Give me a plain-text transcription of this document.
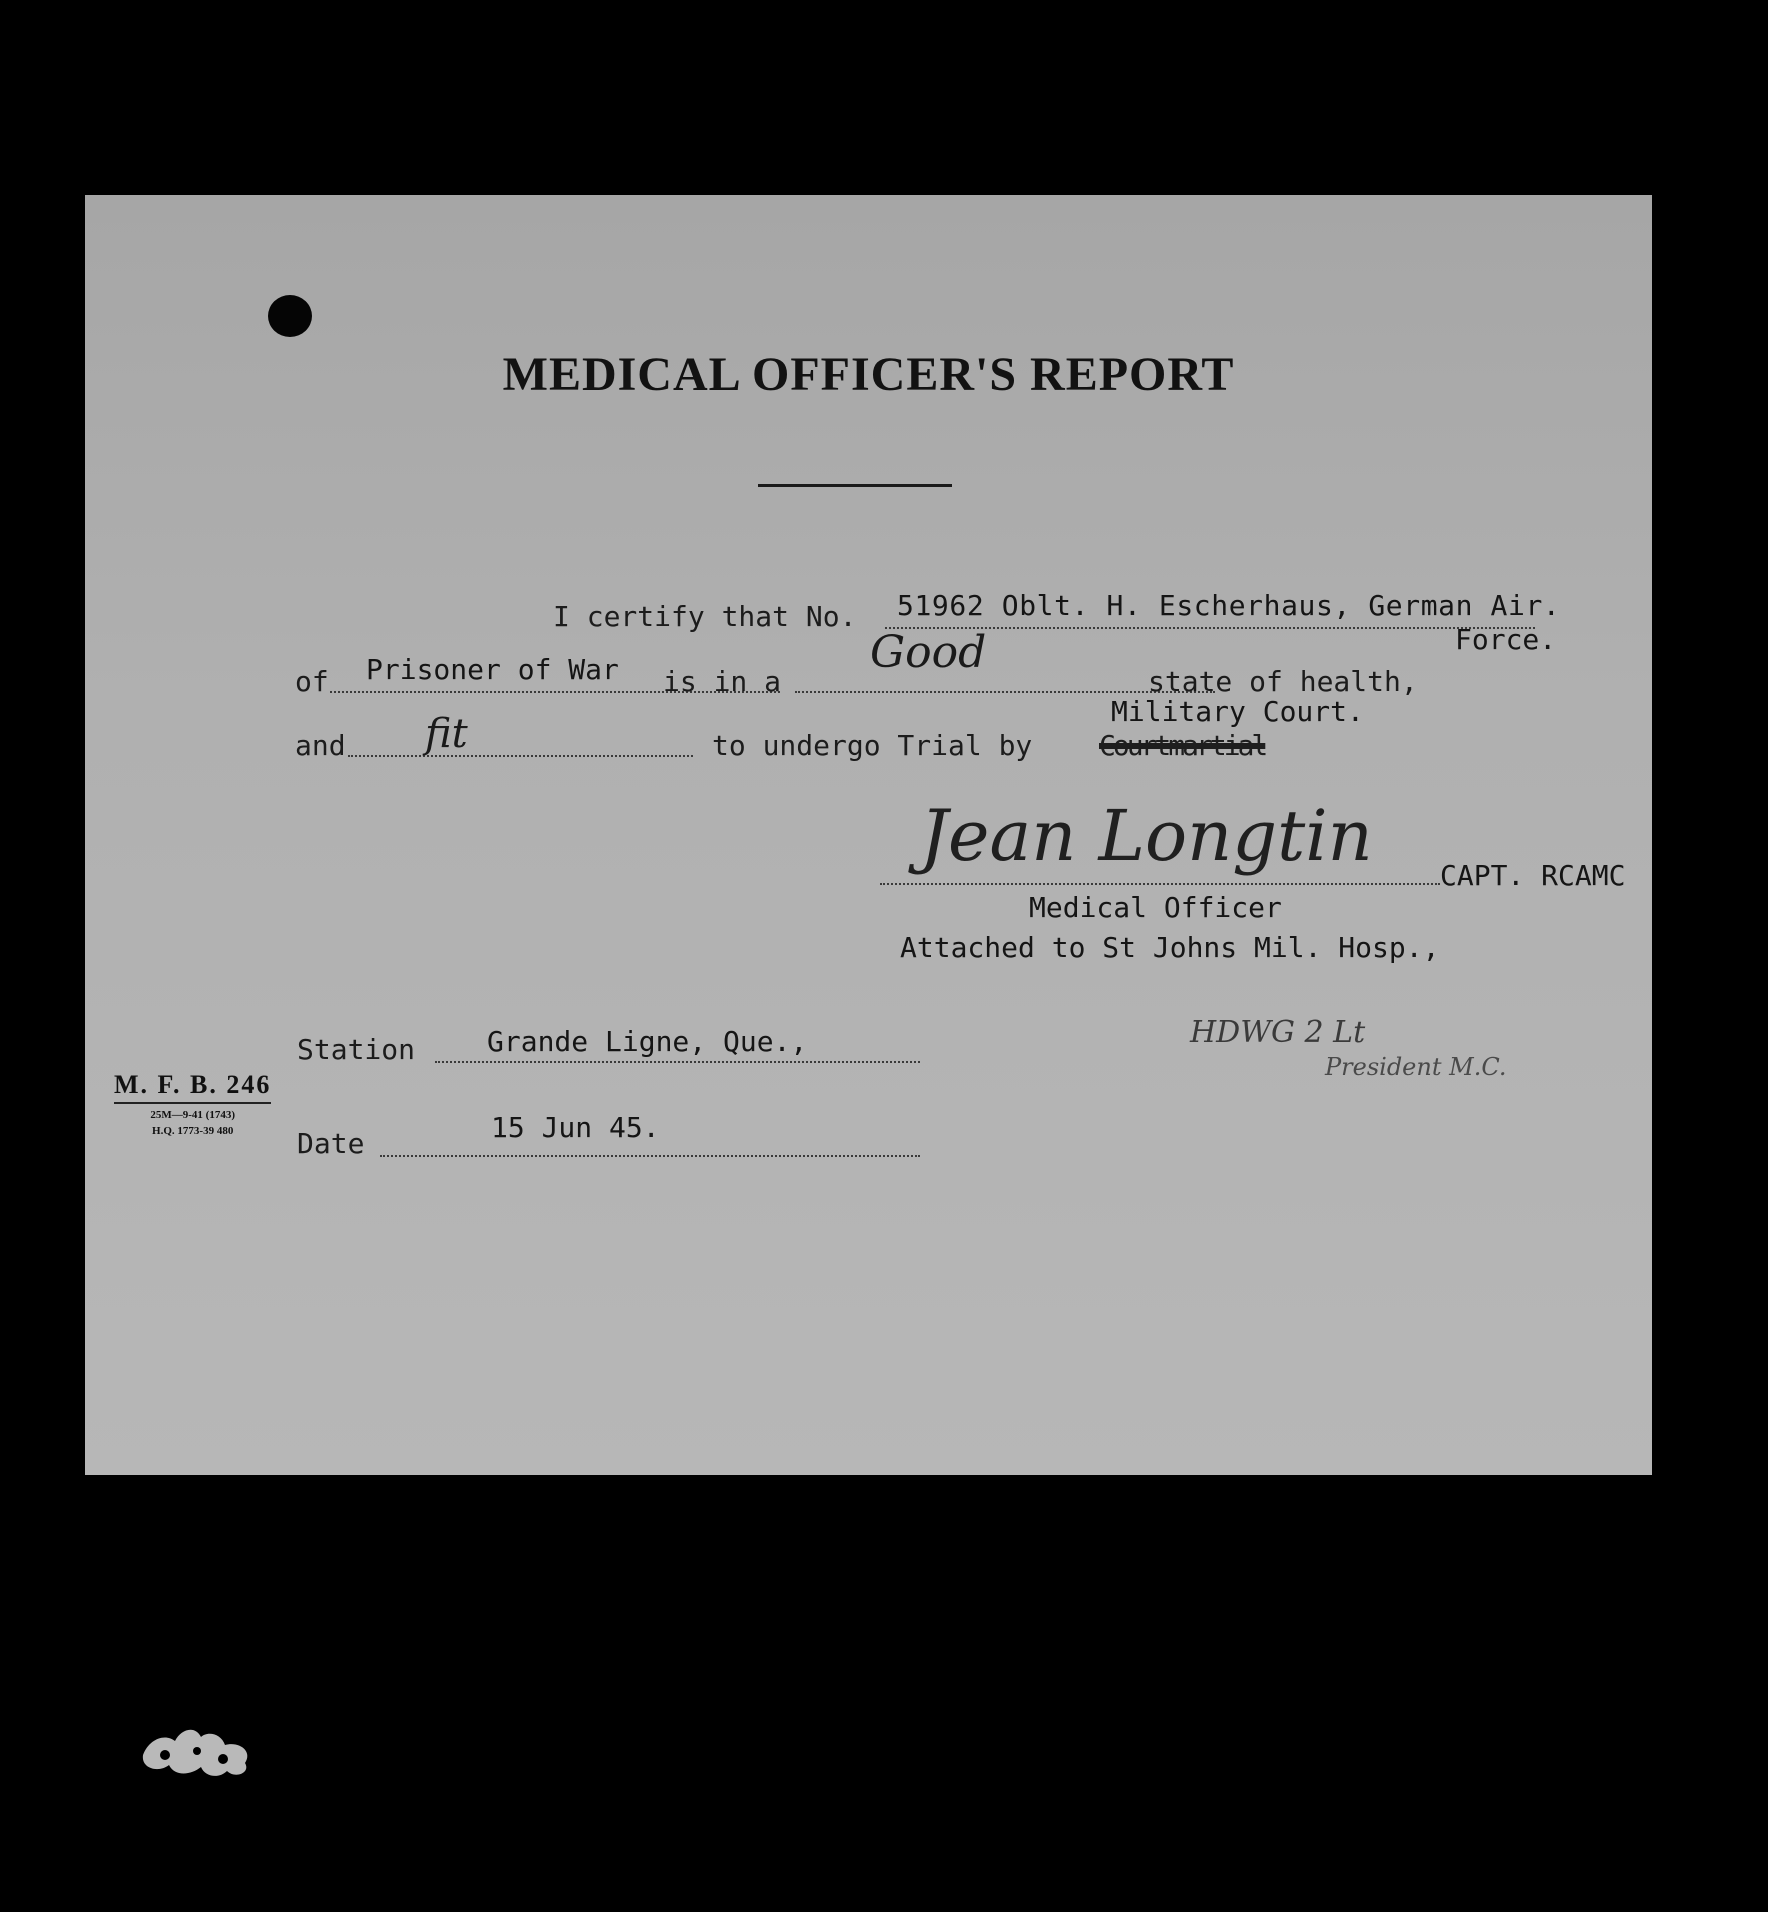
MEDICAL OFFICER'S REPORT
I certify that No. 51962 Oblt. H. Escherhaus, German Air.
Force.
of Prisoner of War is in a
Good
state of health,
Military Court.
and fit	to undergo Trial by Courtmartial
Jean Longtin CAPT. RCAMC
Medical Officer
Attached to St Johns Mil. Hosp.,
Station	Grande Ligne, Que.,	HDWG 2 Lt
President M.C.
Date	15 Jun 45.
M. F. B. 246
25M—9-41 (1743)
H.Q. 1773-39 480
